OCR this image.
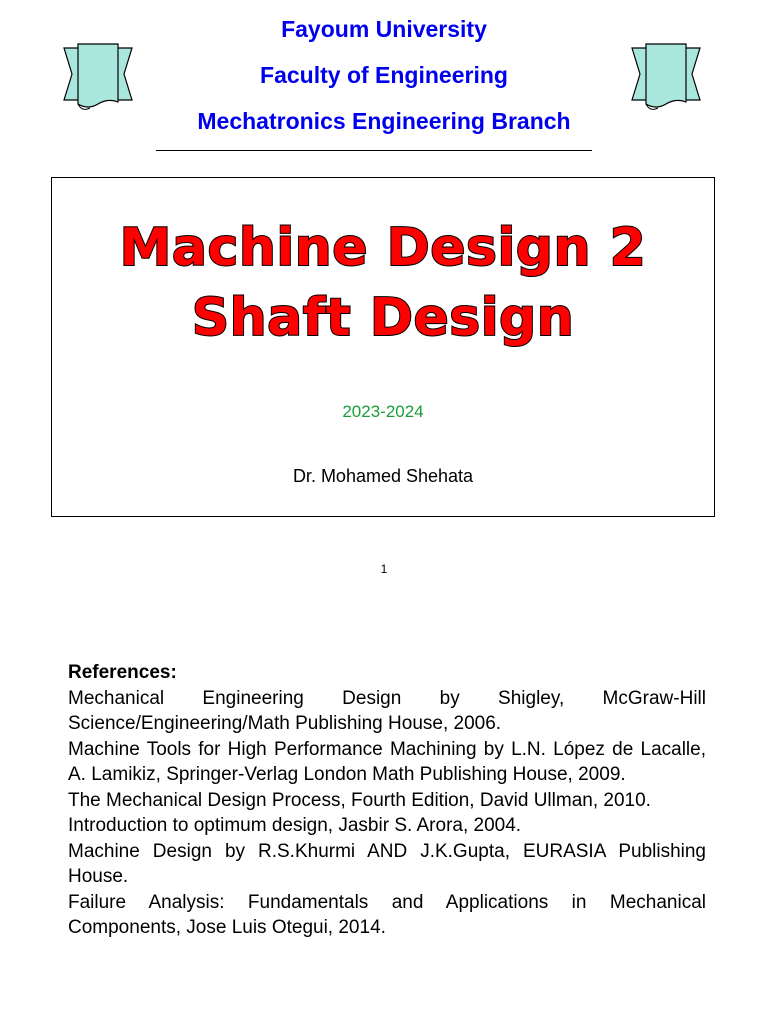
Fayoum University

Faculty of Engineering

Mechatronics Engineering Branch

Machine Design 2
Shaft Design
2023-2024
Dr. Mohamed Shehata
1

References:

Mechanical Engineering Design by Shigley, McGraw-Hill Science/Engineering/Math Publishing House, 2006.

Machine Tools for High Performance Machining by L.N. López de Lacalle, A. Lamikiz, Springer-Verlag London Math Publishing House, 2009.

The Mechanical Design Process, Fourth Edition, David Ullman, 2010.

Introduction to optimum design, Jasbir S. Arora, 2004.

Machine Design by R.S.Khurmi AND J.K.Gupta, EURASIA Publishing House.

Failure Analysis: Fundamentals and Applications in Mechanical Components, Jose Luis Otegui, 2014.
